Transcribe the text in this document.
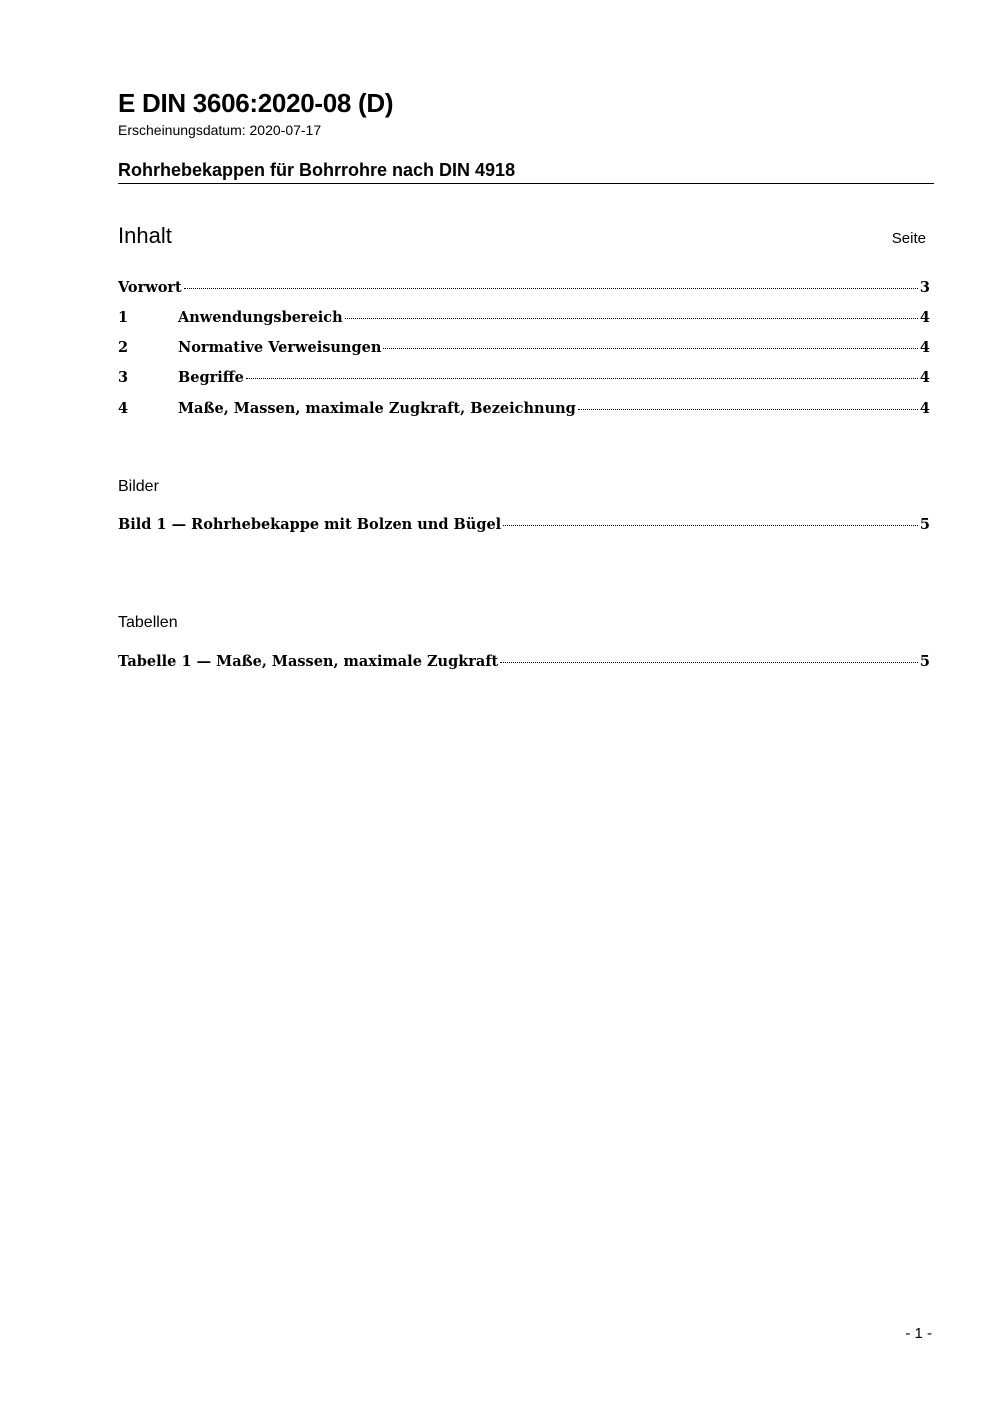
E DIN 3606:2020-08 (D)
Erscheinungsdatum: 2020-07-17
Rohrhebekappen für Bohrrohre nach DIN 4918
Inhalt	Seite
Vorwort	3
1	Anwendungsbereich	4
2	Normative Verweisungen	4
3	Begriffe	4
4	Maße, Massen, maximale Zugkraft, Bezeichnung	4
Bilder
Bild 1 — Rohrhebekappe mit Bolzen und Bügel	5
Tabellen
Tabelle 1 — Maße, Massen, maximale Zugkraft	5
- 1 -
